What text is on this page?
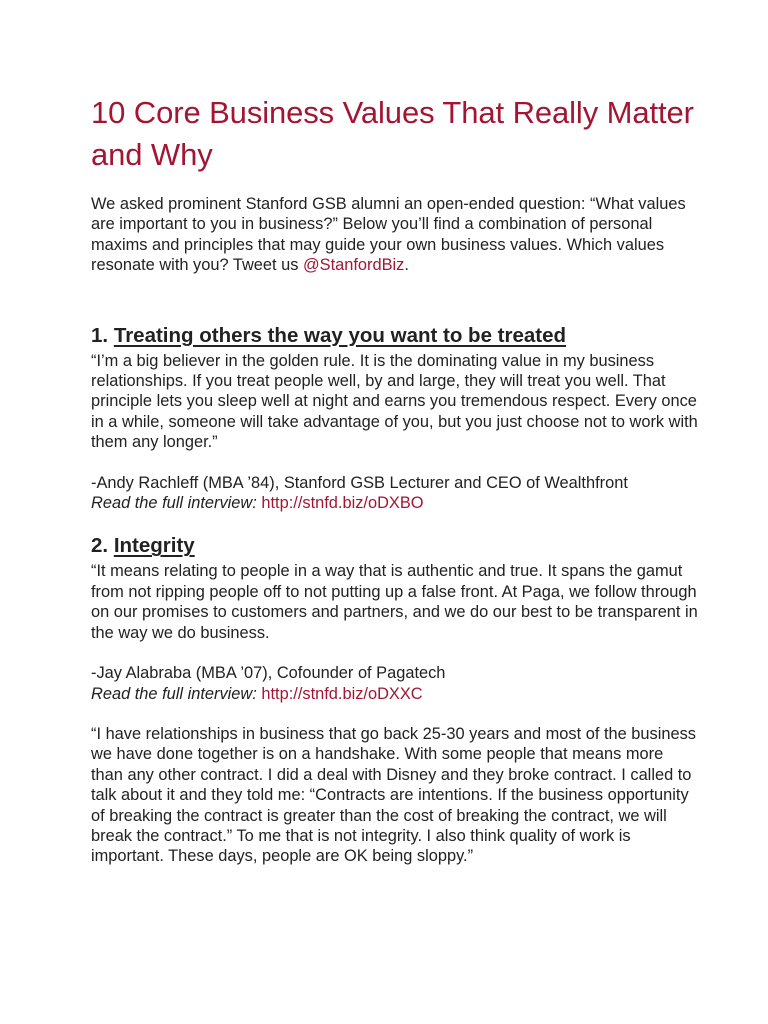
10 Core Business Values That Really Matter and Why

We asked prominent Stanford GSB alumni an open-ended question: “What values are important to you in business?” Below you’ll find a combination of personal maxims and principles that may guide your own business values. Which values resonate with you? Tweet us @StanfordBiz.

1. Treating others the way you want to be treated

“I’m a big believer in the golden rule. It is the dominating value in my business relationships. If you treat people well, by and large, they will treat you well. That principle lets you sleep well at night and earns you tremendous respect. Every once in a while, someone will take advantage of you, but you just choose not to work with them any longer.”

-Andy Rachleff (MBA ’84), Stanford GSB Lecturer and CEO of Wealthfront

Read the full interview: http://stnfd.biz/oDXBO

2. Integrity

“It means relating to people in a way that is authentic and true. It spans the gamut from not ripping people off to not putting up a false front. At Paga, we follow through on our promises to customers and partners, and we do our best to be transparent in the way we do business.

-Jay Alabraba (MBA ’07), Cofounder of Pagatech

Read the full interview: http://stnfd.biz/oDXXC

“I have relationships in business that go back 25-30 years and most of the business we have done together is on a handshake. With some people that means more than any other contract. I did a deal with Disney and they broke contract. I called to talk about it and they told me: “Contracts are intentions. If the business opportunity of breaking the contract is greater than the cost of breaking the contract, we will break the contract.” To me that is not integrity. I also think quality of work is important. These days, people are OK being sloppy.”
